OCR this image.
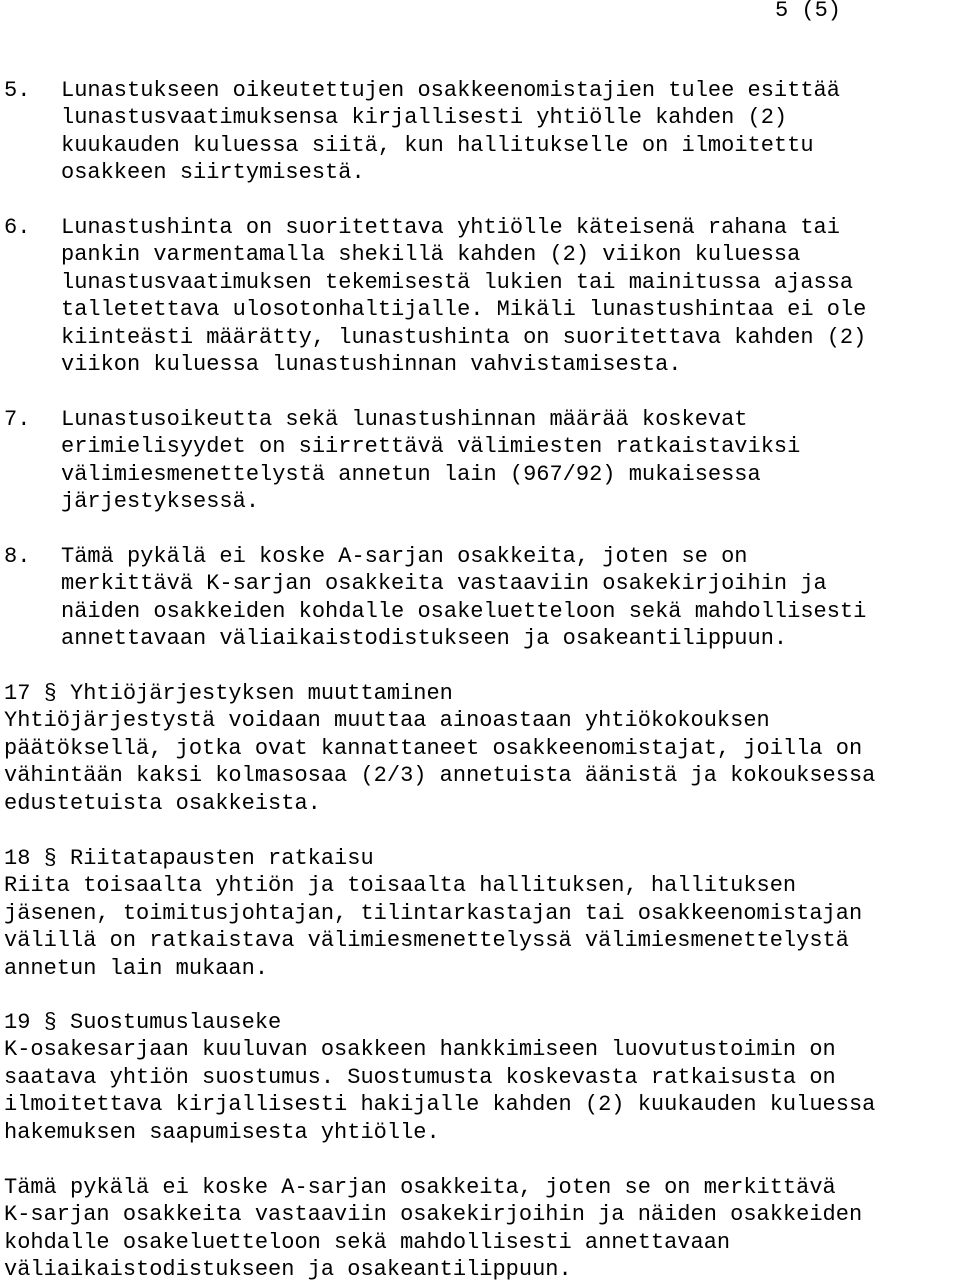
5 (5)
5.	Lunastukseen oikeutettujen osakkeenomistajien tulee esittää
lunastusvaatimuksensa kirjallisesti yhtiölle kahden (2)
kuukauden kuluessa siitä, kun hallitukselle on ilmoitettu
osakkeen siirtymisestä.
6.	Lunastushinta on suoritettava yhtiölle käteisenä rahana tai
pankin varmentamalla shekillä kahden (2) viikon kuluessa
lunastusvaatimuksen tekemisestä lukien tai mainitussa ajassa
talletettava ulosotonhaltijalle. Mikäli lunastushintaa ei ole
kiinteästi määrätty, lunastushinta on suoritettava kahden (2)
viikon kuluessa lunastushinnan vahvistamisesta.
7.	Lunastusoikeutta sekä lunastushinnan määrää koskevat
erimielisyydet on siirrettävä välimiesten ratkaistaviksi
välimiesmenettelystä annetun lain (967/92) mukaisessa
järjestyksessä.
8.	Tämä pykälä ei koske A-sarjan osakkeita, joten se on
merkittävä K-sarjan osakkeita vastaaviin osakekirjoihin ja
näiden osakkeiden kohdalle osakeluetteloon sekä mahdollisesti
annettavaan väliaikaistodistukseen ja osakeantilippuun.
17 § Yhtiöjärjestyksen muuttaminen
Yhtiöjärjestystä voidaan muuttaa ainoastaan yhtiökokouksen
päätöksellä, jotka ovat kannattaneet osakkeenomistajat, joilla on
vähintään kaksi kolmasosaa (2/3) annetuista äänistä ja kokouksessa
edustetuista osakkeista.
18 § Riitatapausten ratkaisu
Riita toisaalta yhtiön ja toisaalta hallituksen, hallituksen
jäsenen, toimitusjohtajan, tilintarkastajan tai osakkeenomistajan
välillä on ratkaistava välimiesmenettelyssä välimiesmenettelystä
annetun lain mukaan.
19 § Suostumuslauseke
K-osakesarjaan kuuluvan osakkeen hankkimiseen luovutustoimin on
saatava yhtiön suostumus. Suostumusta koskevasta ratkaisusta on
ilmoitettava kirjallisesti hakijalle kahden (2) kuukauden kuluessa
hakemuksen saapumisesta yhtiölle.
Tämä pykälä ei koske A-sarjan osakkeita, joten se on merkittävä
K-sarjan osakkeita vastaaviin osakekirjoihin ja näiden osakkeiden
kohdalle osakeluetteloon sekä mahdollisesti annettavaan
väliaikaistodistukseen ja osakeantilippuun.
